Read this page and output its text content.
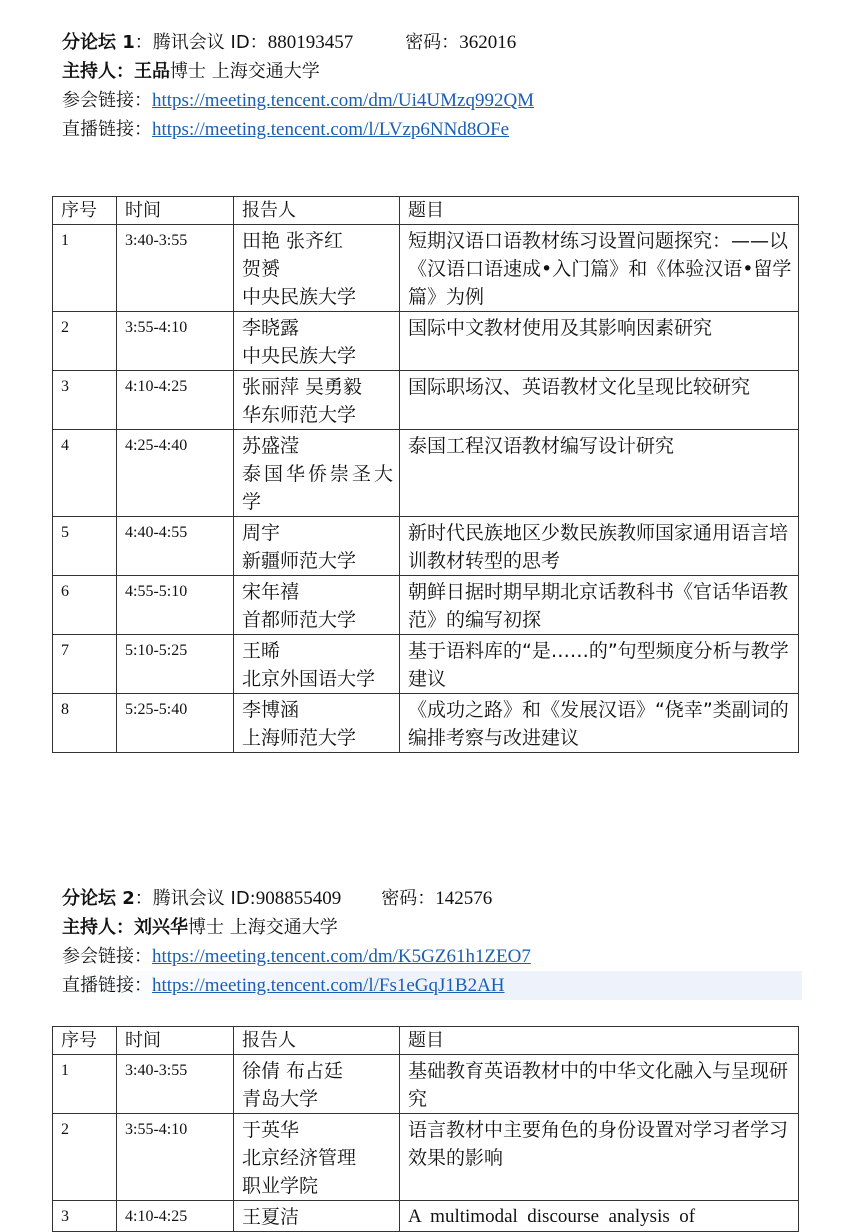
分论坛 1：腾讯会议 ID：880193457	密码：362016
主持人：王品博士 上海交通大学
参会链接：https://meeting.tencent.com/dm/Ui4UMzq992QM
直播链接：https://meeting.tencent.com/l/LVzp6NNd8OFe
序号	时间	报告人	题目
1	3:40-3:55	田艳 张齐红
贺赟
中央民族大学	短期汉语口语教材练习设置问题探究：——以《汉语口语速成•入门篇》和《体验汉语•留学篇》为例
2	3:55-4:10	李晓露
中央民族大学	国际中文教材使用及其影响因素研究
3	4:10-4:25	张丽萍 吴勇毅
华东师范大学	国际职场汉、英语教材文化呈现比较研究
4	4:25-4:40	苏盛滢
泰国华侨崇圣大学	泰国工程汉语教材编写设计研究
5	4:40-4:55	周宇
新疆师范大学	新时代民族地区少数民族教师国家通用语言培训教材转型的思考
6	4:55-5:10	宋年禧
首都师范大学	朝鲜日据时期早期北京话教科书《官话华语教范》的编写初探
7	5:10-5:25	王晞
北京外国语大学	基于语料库的“是……的”句型频度分析与教学建议
8	5:25-5:40	李博涵
上海师范大学	《成功之路》和《发展汉语》“侥幸”类副词的编排考察与改进建议
分论坛 2：腾讯会议 ID:908855409 密码：142576
主持人：刘兴华博士 上海交通大学
参会链接：https://meeting.tencent.com/dm/K5GZ61h1ZEO7
直播链接：https://meeting.tencent.com/l/Fs1eGqJ1B2AH
序号	时间	报告人	题目
1	3:40-3:55	徐倩 布占廷
青岛大学	基础教育英语教材中的中华文化融入与呈现研究
2	3:55-4:10	于英华
北京经济管理
职业学院	语言教材中主要角色的身份设置对学习者学习效果的影响
3	4:10-4:25	王夏洁	A  multimodal  discourse  analysis  of
